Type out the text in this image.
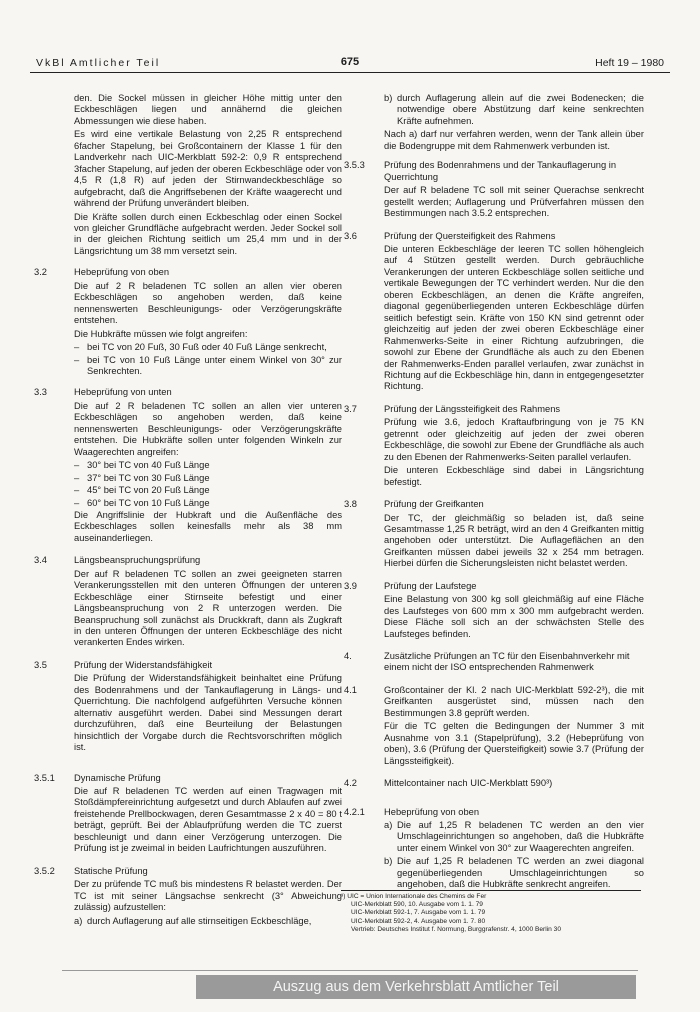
VkBl Amtlicher Teil	675	Heft 19 – 1980

den. Die Sockel müssen in gleicher Höhe mittig unter den Eckbeschlägen liegen und annähernd die gleichen Abmessungen wie diese haben.

Es wird eine vertikale Belastung von 2,25 R entsprechend 6facher Stapelung, bei Großcontainern der Klasse 1 für den Landverkehr nach UIC-Merkblatt 592-2: 0,9 R entsprechend 3facher Stapelung, auf jeden der oberen Eckbeschläge oder von 4,5 R (1,8 R) auf jeden der Stirnwandeckbeschläge so aufgebracht, daß die Angriffsebenen der Kräfte waagerecht und während der Prüfung unverändert bleiben.

Die Kräfte sollen durch einen Eckbeschlag oder einen Sockel von gleicher Grundfläche aufgebracht werden. Jeder Sockel soll in der gleichen Richtung seitlich um 25,4 mm und in der Längsrichtung um 38 mm versetzt sein.

3.2	Hebeprüfung von oben

Die auf 2 R beladenen TC sollen an allen vier oberen Eckbeschlägen so angehoben werden, daß keine nennenswerten Beschleunigungs- oder Verzögerungskräfte entstehen.

Die Hubkräfte müssen wie folgt angreifen:

– bei TC von 20 Fuß, 30 Fuß oder 40 Fuß Länge senkrecht,
– bei TC von 10 Fuß Länge unter einem Winkel von 30° zur Senkrechten.
3.3	Hebeprüfung von unten

Die auf 2 R beladenen TC sollen an allen vier unteren Eckbeschlägen so angehoben werden, daß keine nennenswerten Beschleunigungs- oder Verzögerungskräfte entstehen. Die Hubkräfte sollen unter folgenden Winkeln zur Waagerechten angreifen:

– 30° bei TC von 40 Fuß Länge
– 37° bei TC von 30 Fuß Länge
– 45° bei TC von 20 Fuß Länge
– 60° bei TC von 10 Fuß Länge

Die Angriffslinie der Hubkraft und die Außenfläche des Eckbeschlages sollen keinesfalls mehr als 38 mm auseinanderliegen.

3.4	Längsbeanspruchungsprüfung

Der auf R beladenen TC sollen an zwei geeigneten starren Verankerungsstellen mit den unteren Öffnungen der unteren Eckbeschläge einer Stirnseite befestigt und einer Längsbeanspruchung von 2 R unterzogen werden. Die Beanspruchung soll zunächst als Druckkraft, dann als Zugkraft in den unteren Öffnungen der unteren Eckbeschläge des nicht verankerten Endes wirken.

3.5	Prüfung der Widerstandsfähigkeit

Die Prüfung der Widerstandsfähigkeit beinhaltet eine Prüfung des Bodenrahmens und der Tankauflagerung in Längs- und Querrichtung. Die nachfolgend aufgeführten Versuche können alternativ ausgeführt werden. Dabei sind Messungen derart durchzuführen, daß eine Beurteilung der Belastungen hinsichtlich der Vorgabe durch die Rechtsvorschriften möglich ist.

3.5.1	Dynamische Prüfung

Die auf R beladenen TC werden auf einen Tragwagen mit Stoßdämpfereinrichtung aufgesetzt und durch Ablaufen auf zwei freistehende Prellbockwagen, deren Gesamtmasse 2 x 40 = 80 t beträgt, geprüft. Bei der Ablaufprüfung werden die TC zuerst beschleunigt und dann einer Verzögerung unterzogen. Die Prüfung ist je zweimal in beiden Laufrichtungen auszuführen.

3.5.2	Statische Prüfung

Der zu prüfende TC muß bis mindestens R belastet werden. Der TC ist mit seiner Längsachse senkrecht (3° Abweichung zulässig) aufzustellen:

a) durch Auflagerung auf alle stirnseitigen Eckbeschläge,
b) durch Auflagerung allein auf die zwei Bodenecken; die notwendige obere Abstützung darf keine senkrechten Kräfte aufnehmen.

Nach a) darf nur verfahren werden, wenn der Tank allein über die Bodengruppe mit dem Rahmenwerk verbunden ist.

3.5.3	Prüfung des Bodenrahmens und der Tankauflagerung in Querrichtung

Der auf R beladene TC soll mit seiner Querachse senkrecht gestellt werden; Auflagerung und Prüfverfahren müssen den Bestimmungen nach 3.5.2 entsprechen.

3.6	Prüfung der Quersteifigkeit des Rahmens

Die unteren Eckbeschläge der leeren TC sollen höhengleich auf 4 Stützen gestellt werden. Durch gebräuchliche Verankerungen der unteren Eckbeschläge sollen seitliche und vertikale Bewegungen der TC verhindert werden. Nur die den oberen Eckbeschlägen, an denen die Kräfte angreifen, diagonal gegenüberliegenden unteren Eckbeschläge dürfen seitlich befestigt sein. Kräfte von 150 KN sind getrennt oder gleichzeitig auf jeden der zwei oberen Eckbeschläge einer Rahmenwerks-Seite in einer Richtung aufzubringen, die sowohl zur Ebene der Grundfläche als auch zu den Ebenen der Rahmenwerks-Enden parallel verlaufen, zwar zunächst in Richtung auf die Eckbeschläge hin, dann in entgegengesetzter Richtung.

3.7	Prüfung der Längssteifigkeit des Rahmens

Prüfung wie 3.6, jedoch Kraftaufbringung von je 75 KN getrennt oder gleichzeitig auf jeden der zwei oberen Eckbeschläge, die sowohl zur Ebene der Grundfläche als auch zu den Ebenen der Rahmenwerks-Seiten parallel verlaufen.

Die unteren Eckbeschläge sind dabei in Längsrichtung befestigt.

3.8	Prüfung der Greifkanten

Der TC, der gleichmäßig so beladen ist, daß seine Gesamtmasse 1,25 R beträgt, wird an den 4 Greifkanten mittig angehoben oder unterstützt. Die Auflageflächen an den Greifkanten müssen dabei jeweils 32 x 254 mm betragen. Hierbei dürfen die Sicherungsleisten nicht belastet werden.

3.9	Prüfung der Laufstege

Eine Belastung von 300 kg soll gleichmäßig auf eine Fläche des Laufsteges von 600 mm x 300 mm aufgebracht werden. Diese Fläche soll sich an der schwächsten Stelle des Laufsteges befinden.

4.	Zusätzliche Prüfungen an TC für den Eisenbahnverkehr mit einem nicht der ISO entsprechenden Rahmenwerk
4.1	Großcontainer der Kl. 2 nach UIC-Merkblatt 592-2³), die mit Greifkanten ausgerüstet sind, müssen nach den Bestimmungen 3.8 geprüft werden.

Für die TC gelten die Bedingungen der Nummer 3 mit Ausnahme von 3.1 (Stapelprüfung), 3.2 (Hebeprüfung von oben), 3.6 (Prüfung der Quersteifigkeit) sowie 3.7 (Prüfung der Längssteifigkeit).

4.2	Mittelcontainer nach UIC-Merkblatt 590³)
4.2.1	Hebeprüfung von oben
a) Die auf 1,25 R beladenen TC werden an den vier Umschlageinrichtungen so angehoben, daß die Hubkräfte unter einem Winkel von 30° zur Waagerechten angreifen.
b) Die auf 1,25 R beladenen TC werden an zwei diagonal gegenüberliegenden Umschlageinrichtungen so angehoben, daß die Hubkräfte senkrecht angreifen.
³) UIC = Union Internationale des Chemins de Fer
UIC-Merkblatt 590, 10. Ausgabe vom 1. 1. 79
UIC-Merkblatt 592-1, 7. Ausgabe vom 1. 1. 79
UIC-Merkblatt 592-2, 4. Ausgabe vom 1. 7. 80
Vertrieb: Deutsches Institut f. Normung, Burggrafenstr. 4, 1000 Berlin 30
Auszug aus dem Verkehrsblatt Amtlicher Teil
